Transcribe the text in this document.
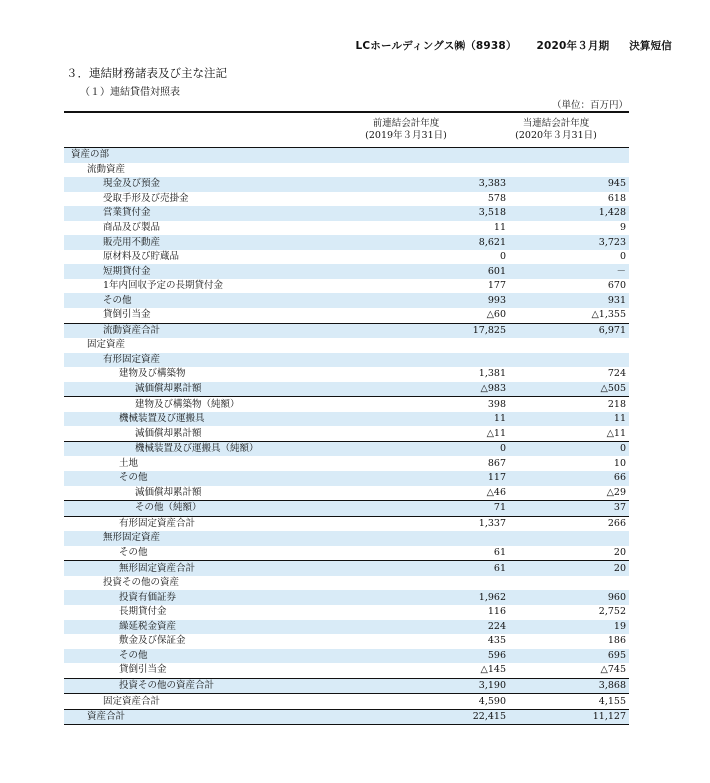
LCホールディングス㈱（8938） 2020年３月期 決算短信
３．連結財務諸表及び主な注記
（１）連結貸借対照表
（単位：百万円）
前連結会計年度
(2019年３月31日)
当連結会計年度
(2020年３月31日)
資産の部		
流動資産		
現金及び預金	3,383	945
受取手形及び売掛金	578	618
営業貸付金	3,518	1,428
商品及び製品	11	9
販売用不動産	8,621	3,723
原材料及び貯蔵品	0	0
短期貸付金	601	－
1年内回収予定の長期貸付金	177	670
その他	993	931
貸倒引当金	△60	△1,355
流動資産合計	17,825	6,971
固定資産		
有形固定資産		
建物及び構築物	1,381	724
減価償却累計額	△983	△505
建物及び構築物（純額）	398	218
機械装置及び運搬具	11	11
減価償却累計額	△11	△11
機械装置及び運搬具（純額）	0	0
土地	867	10
その他	117	66
減価償却累計額	△46	△29
その他（純額）	71	37
有形固定資産合計	1,337	266
無形固定資産		
その他	61	20
無形固定資産合計	61	20
投資その他の資産		
投資有価証券	1,962	960
長期貸付金	116	2,752
繰延税金資産	224	19
敷金及び保証金	435	186
その他	596	695
貸倒引当金	△145	△745
投資その他の資産合計	3,190	3,868
固定資産合計	4,590	4,155
資産合計	22,415	11,127
